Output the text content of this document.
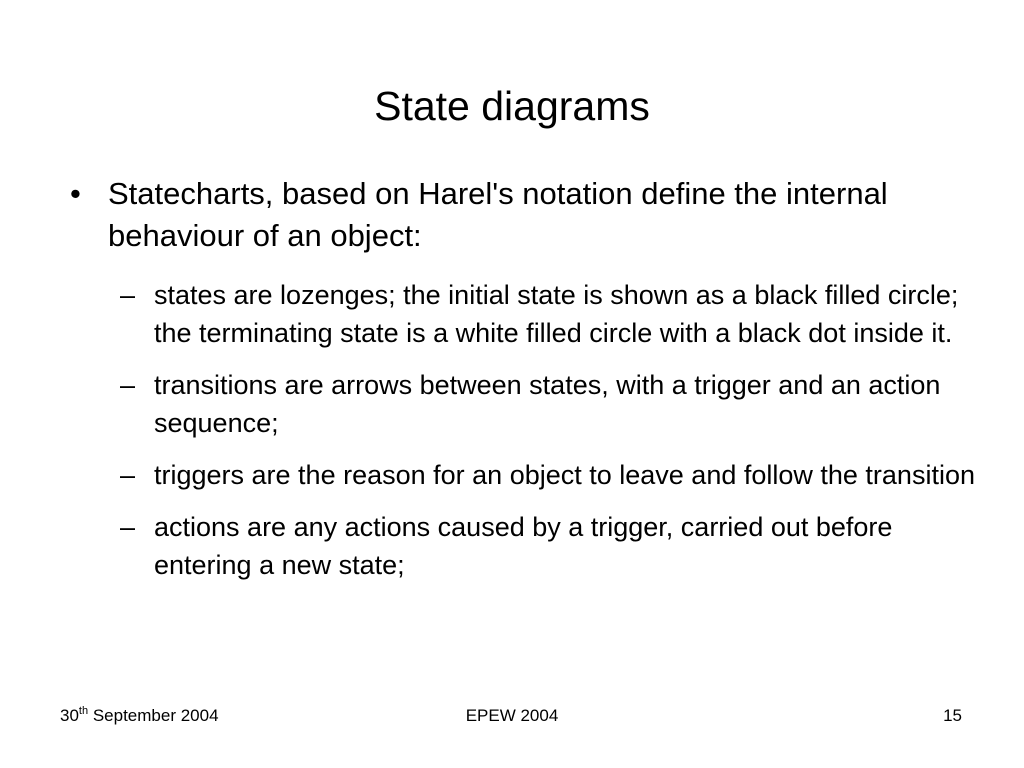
State diagrams
• Statecharts, based on Harel's notation define the internal behaviour of an object:
– states are lozenges; the initial state is shown as a black filled circle; the terminating state is a white filled circle with a black dot inside it.
– transitions are arrows between states, with a trigger and an action sequence;
– triggers are the reason for an object to leave and follow the transition
– actions are any actions caused by a trigger, carried out before entering a new state;
30th September 2004	EPEW 2004	15
